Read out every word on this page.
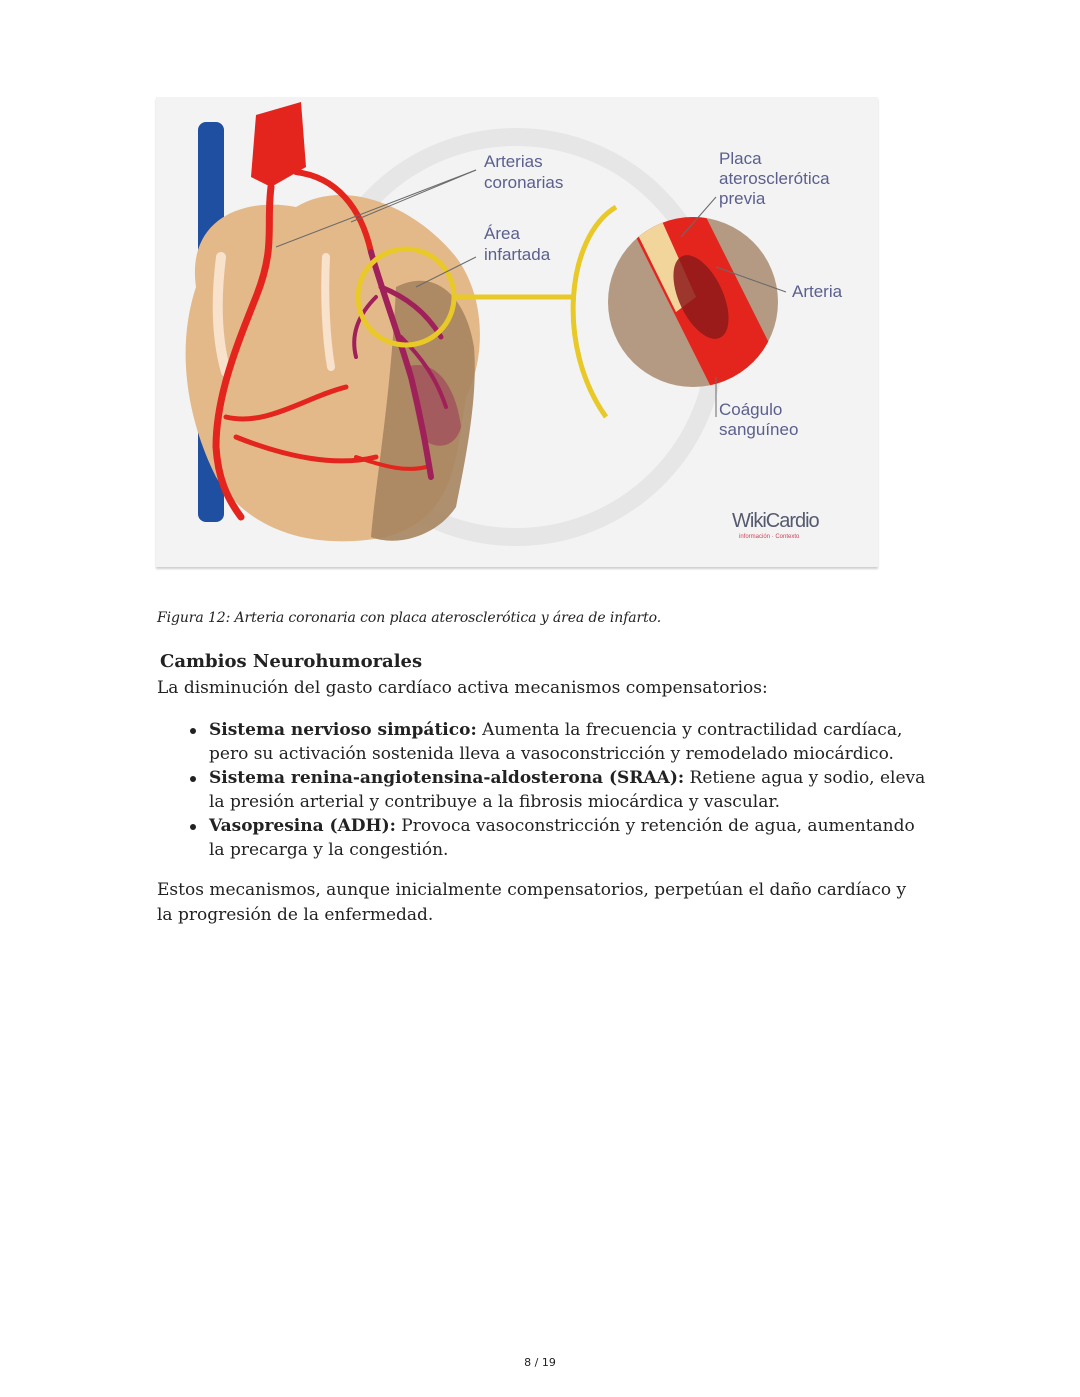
Arterias
coronarias
Área
infartada
Placa
aterosclerótica
previa
Arteria
Coágulo
sanguíneo
WikiCardio
información · Contexto
Figura 12: Arteria coronaria con placa aterosclerótica y área de infarto.
Cambios Neurohumorales
La disminución del gasto cardíaco activa mecanismos compensatorios:
Sistema nervioso simpático: Aumenta la frecuencia y contractilidad cardíaca, pero su activación sostenida lleva a vasoconstricción y remodelado miocárdico.
Sistema renina-angiotensina-aldosterona (SRAA): Retiene agua y sodio, eleva la presión arterial y contribuye a la fibrosis miocárdica y vascular.
Vasopresina (ADH): Provoca vasoconstricción y retención de agua, aumentando la precarga y la congestión.
Estos mecanismos, aunque inicialmente compensatorios, perpetúan el daño cardíaco y la progresión de la enfermedad.
8 / 19
